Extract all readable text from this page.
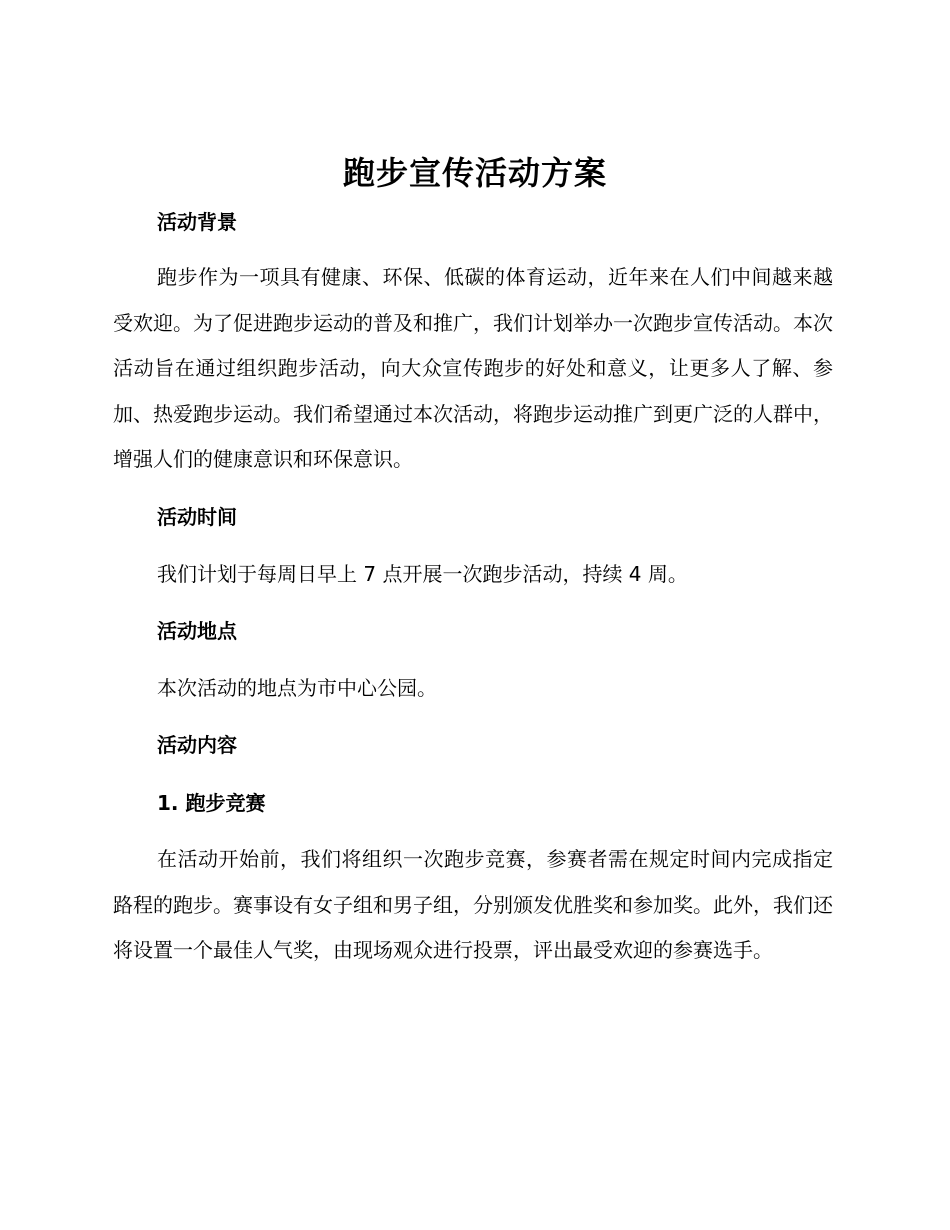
跑步宣传活动方案
活动背景

跑步作为一项具有健康、环保、低碳的体育运动，近年来在人们中间越来越受欢迎。为了促进跑步运动的普及和推广，我们计划举办一次跑步宣传活动。本次活动旨在通过组织跑步活动，向大众宣传跑步的好处和意义，让更多人了解、参加、热爱跑步运动。我们希望通过本次活动，将跑步运动推广到更广泛的人群中，增强人们的健康意识和环保意识。

活动时间
我们计划于每周日早上 7 点开展一次跑步活动，持续 4 周。
活动地点
本次活动的地点为市中心公园。
活动内容
1. 跑步竞赛

在活动开始前，我们将组织一次跑步竞赛，参赛者需在规定时间内完成指定路程的跑步。赛事设有女子组和男子组，分别颁发优胜奖和参加奖。此外，我们还将设置一个最佳人气奖，由现场观众进行投票，评出最受欢迎的参赛选手。
